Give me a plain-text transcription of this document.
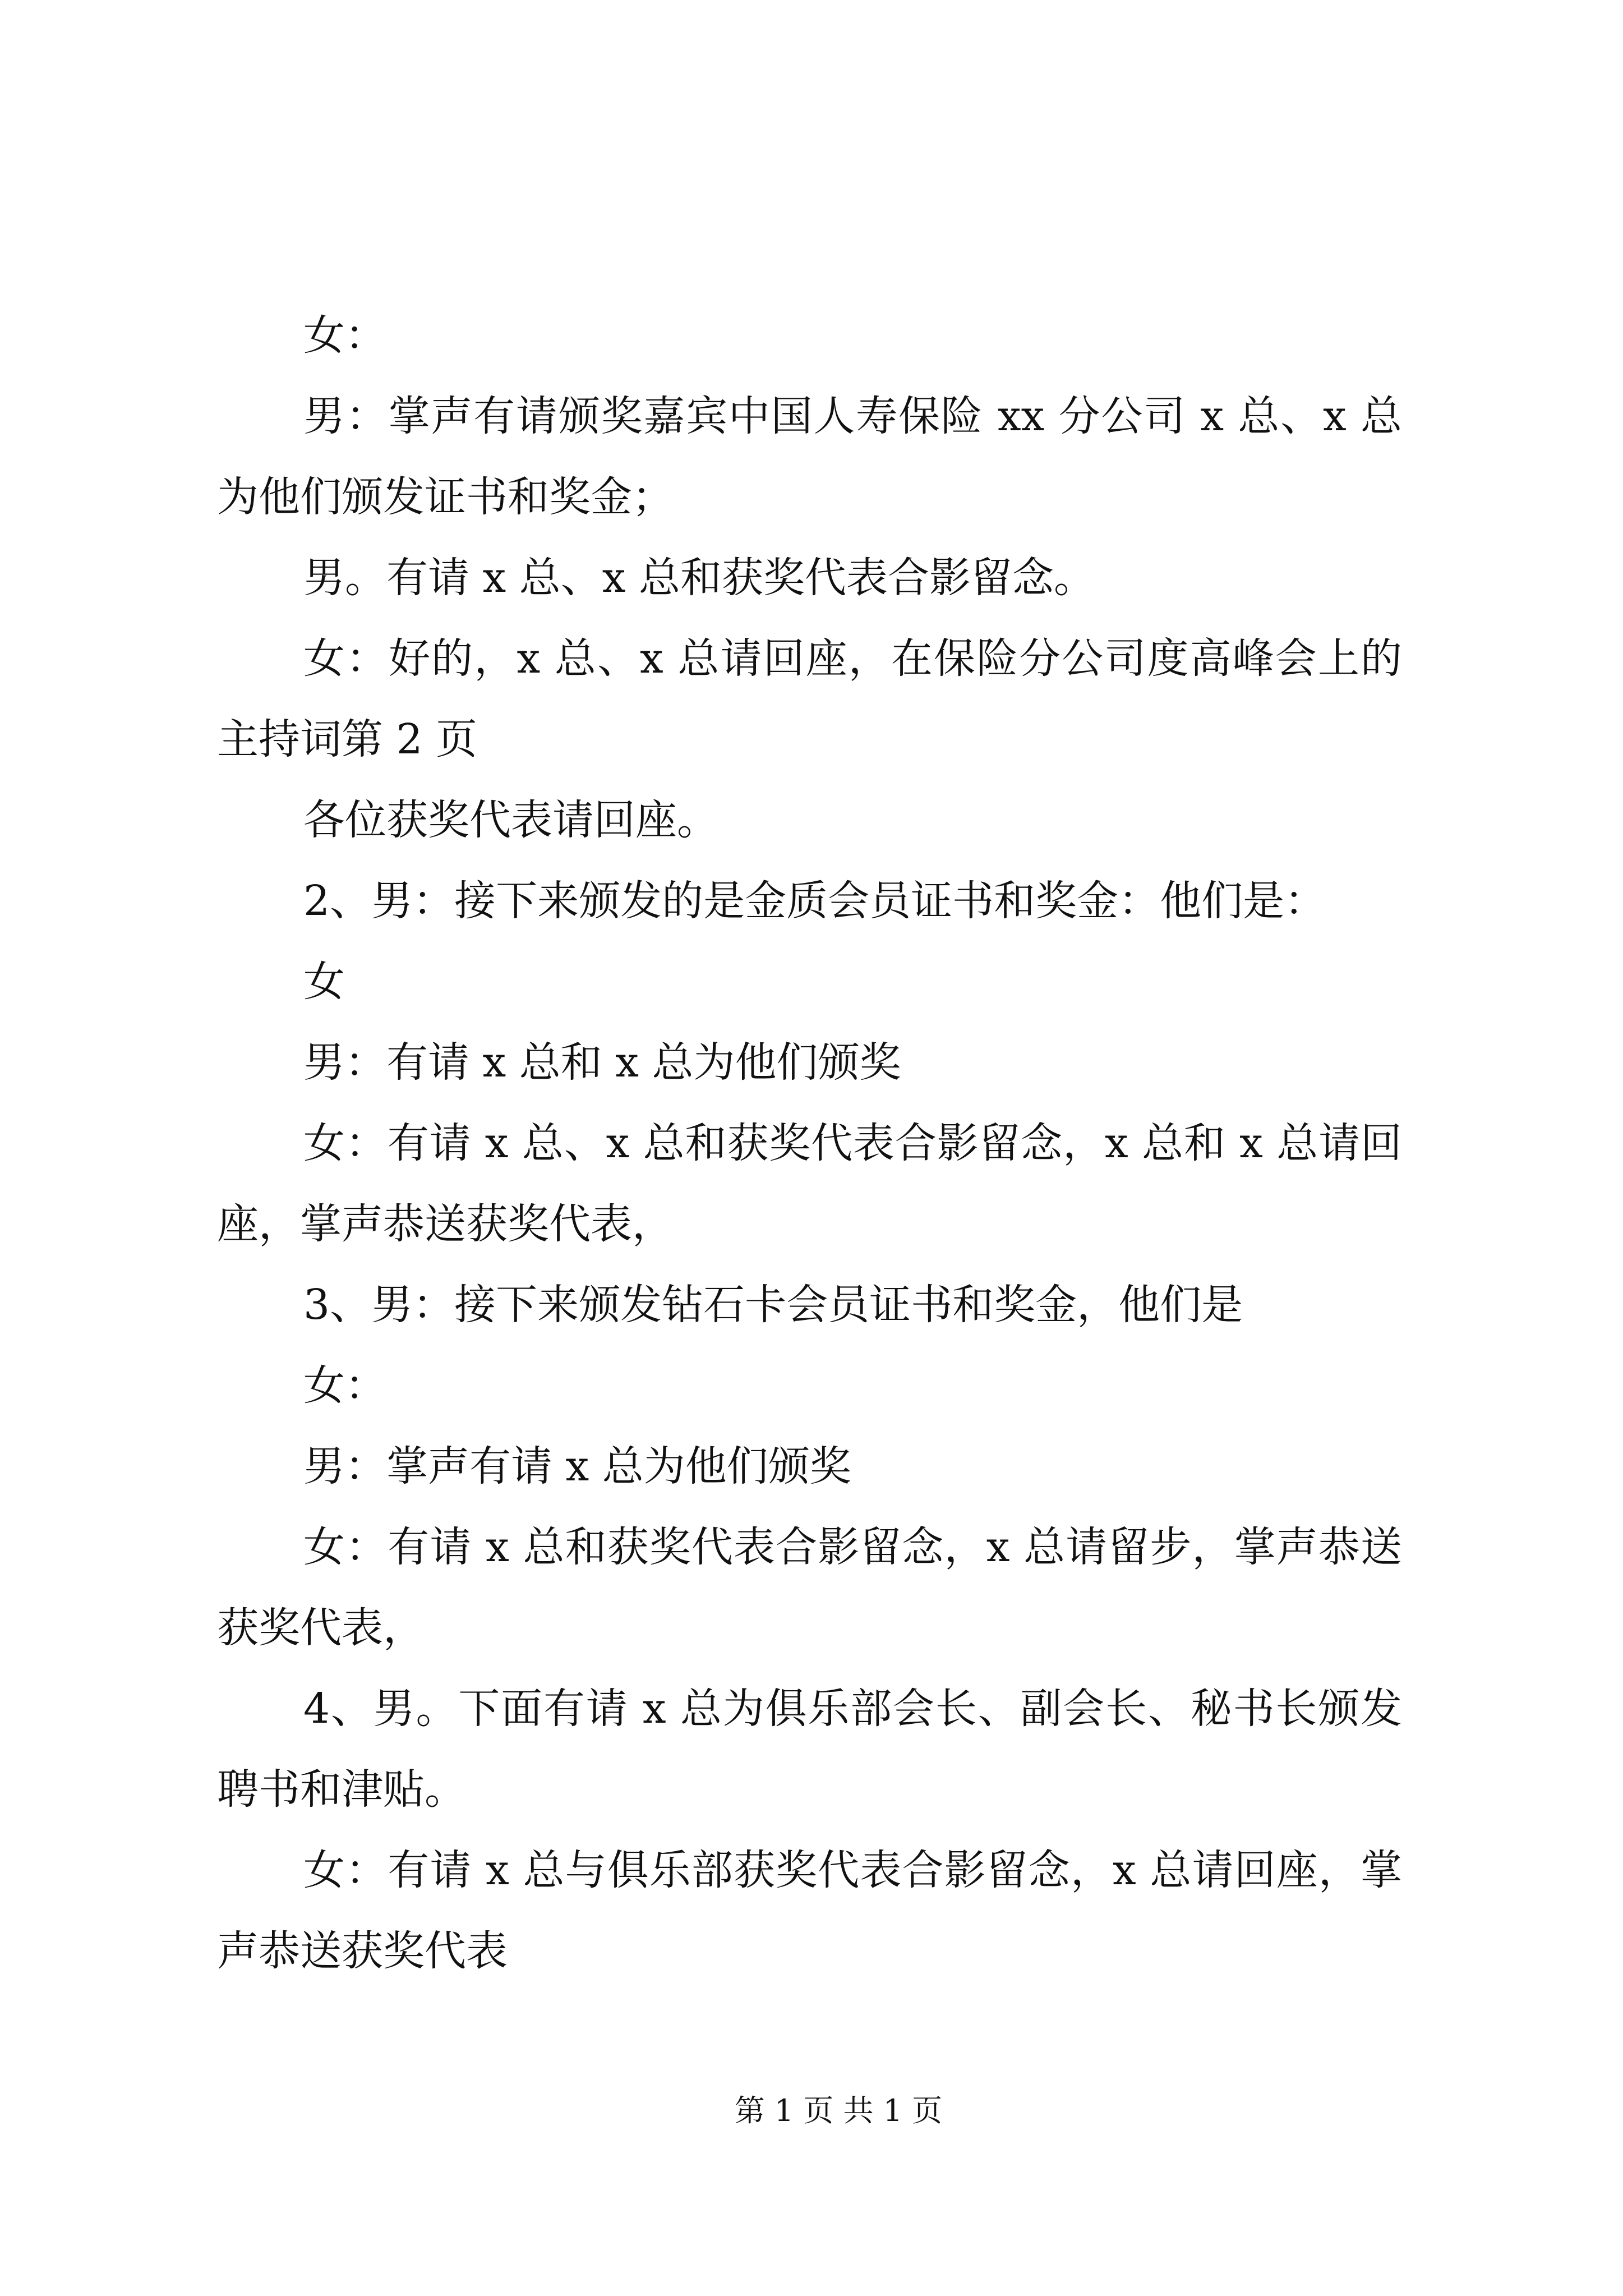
女：
男：掌声有请颁奖嘉宾中国人寿保险 xx 分公司 x 总、x 总
为他们颁发证书和奖金；
男。有请 x 总、x 总和获奖代表合影留念。
女：好的，x 总、x 总请回座，在保险分公司度高峰会上的
主持词第 2 页
各位获奖代表请回座。
2、男：接下来颁发的是金质会员证书和奖金：他们是：
女
男：有请 x 总和 x 总为他们颁奖
女：有请 x 总、x 总和获奖代表合影留念，x 总和 x 总请回
座，掌声恭送获奖代表，
3、男：接下来颁发钻石卡会员证书和奖金，他们是
女：
男：掌声有请 x 总为他们颁奖
女：有请 x 总和获奖代表合影留念，x 总请留步，掌声恭送
获奖代表，
4、男。下面有请 x 总为俱乐部会长、副会长、秘书长颁发
聘书和津贴。
女：有请 x 总与俱乐部获奖代表合影留念，x 总请回座，掌
声恭送获奖代表
第 1 页 共 1 页
